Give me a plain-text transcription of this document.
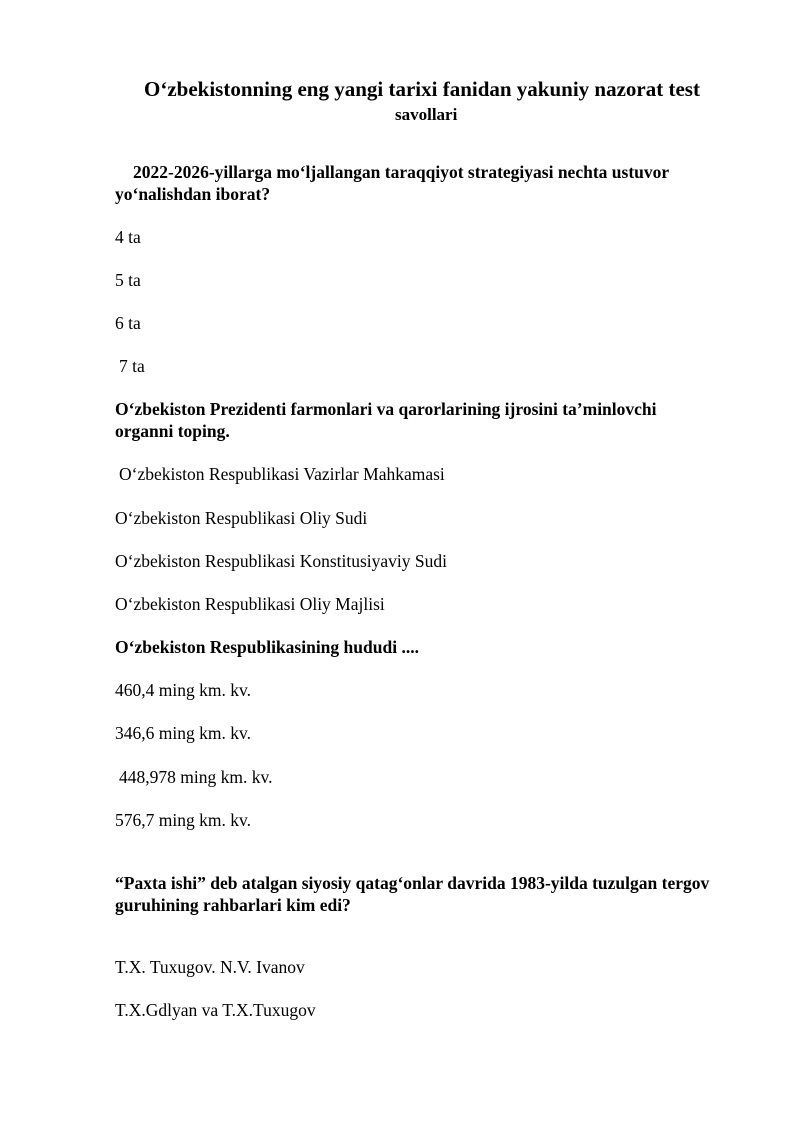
O‘zbekistonning eng yangi tarixi fanidan yakuniy nazorat test
savollari
2022-2026-yillarga mo‘ljallangan taraqqiyot strategiyasi nechta ustuvor yo‘nalishdan iborat?
4 ta
5 ta
6 ta
7 ta
O‘zbekiston Prezidenti farmonlari va qarorlarining ijrosini ta’minlovchi organni toping.
O‘zbekiston Respublikasi Vazirlar Mahkamasi
O‘zbekiston Respublikasi Oliy Sudi
O‘zbekiston Respublikasi Konstitusiyaviy Sudi
O‘zbekiston Respublikasi Oliy Majlisi
O‘zbekiston Respublikasining hududi ....
460,4 ming km. kv.
346,6 ming km. kv.
448,978 ming km. kv.
576,7 ming km. kv.
“Paxta ishi” deb atalgan siyosiy qatag‘onlar davrida 1983-yilda tuzulgan tergov guruhining rahbarlari kim edi?
T.X. Tuxugov. N.V. Ivanov
T.X.Gdlyan va T.X.Tuxugov
